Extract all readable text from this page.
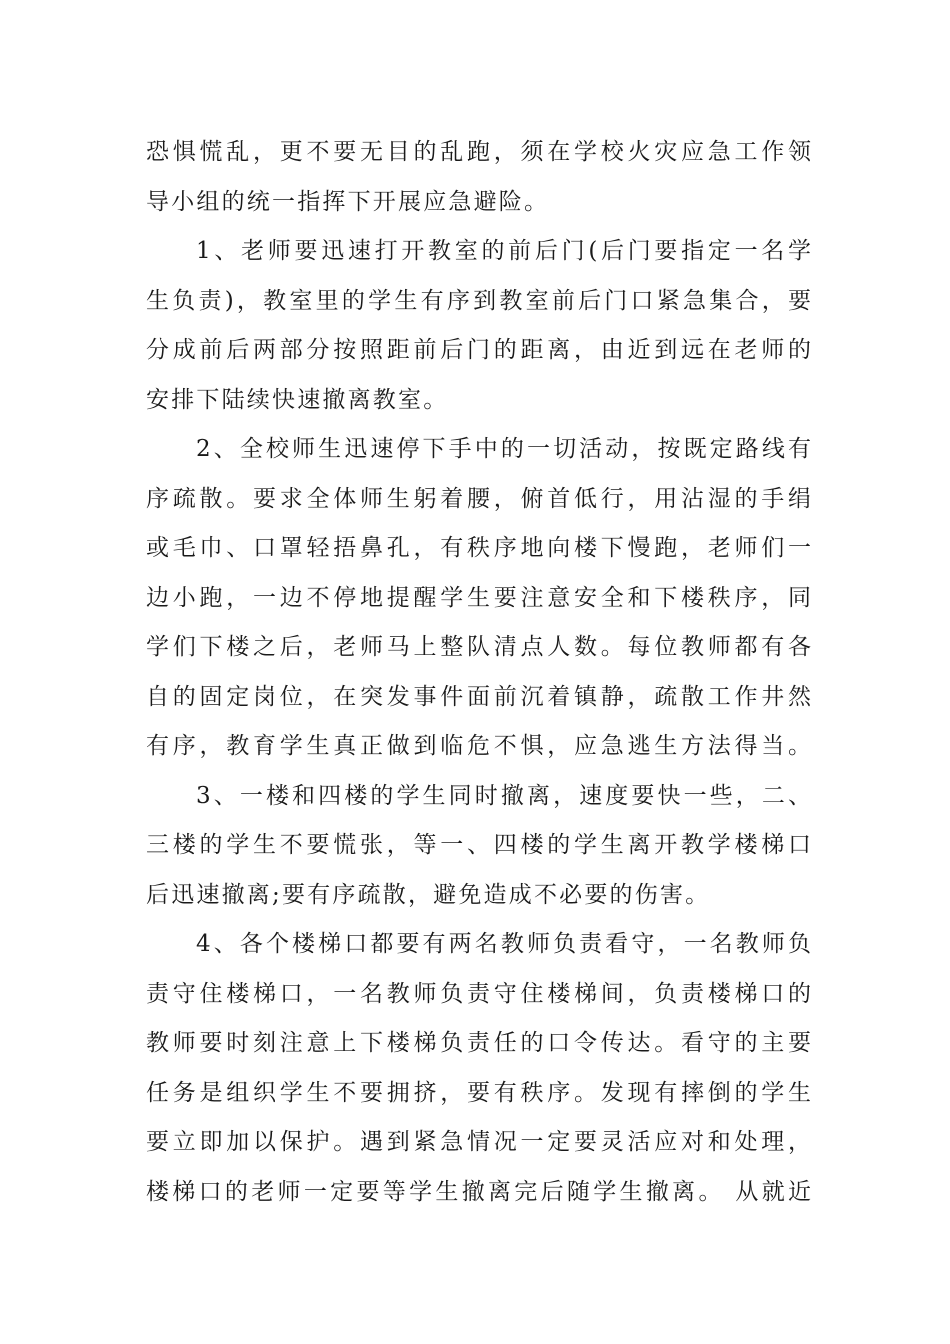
恐惧慌乱，更不要无目的乱跑，须在学校火灾应急工作领
导小组的统一指挥下开展应急避险。
1、老师要迅速打开教室的前后门(后门要指定一名学
生负责)，教室里的学生有序到教室前后门口紧急集合，要
分成前后两部分按照距前后门的距离，由近到远在老师的
安排下陆续快速撤离教室。
2、全校师生迅速停下手中的一切活动，按既定路线有
序疏散。要求全体师生躬着腰，俯首低行，用沾湿的手绢
或毛巾、口罩轻捂鼻孔，有秩序地向楼下慢跑，老师们一
边小跑，一边不停地提醒学生要注意安全和下楼秩序，同
学们下楼之后，老师马上整队清点人数。每位教师都有各
自的固定岗位，在突发事件面前沉着镇静，疏散工作井然
有序，教育学生真正做到临危不惧，应急逃生方法得当。
3、一楼和四楼的学生同时撤离，速度要快一些，二、
三楼的学生不要慌张，等一、四楼的学生离开教学楼梯口
后迅速撤离;要有序疏散，避免造成不必要的伤害。
4、各个楼梯口都要有两名教师负责看守，一名教师负
责守住楼梯口，一名教师负责守住楼梯间，负责楼梯口的
教师要时刻注意上下楼梯负责任的口令传达。看守的主要
任务是组织学生不要拥挤，要有秩序。发现有摔倒的学生
要立即加以保护。遇到紧急情况一定要灵活应对和处理，
楼梯口的老师一定要等学生撤离完后随学生撤离。 从就近
